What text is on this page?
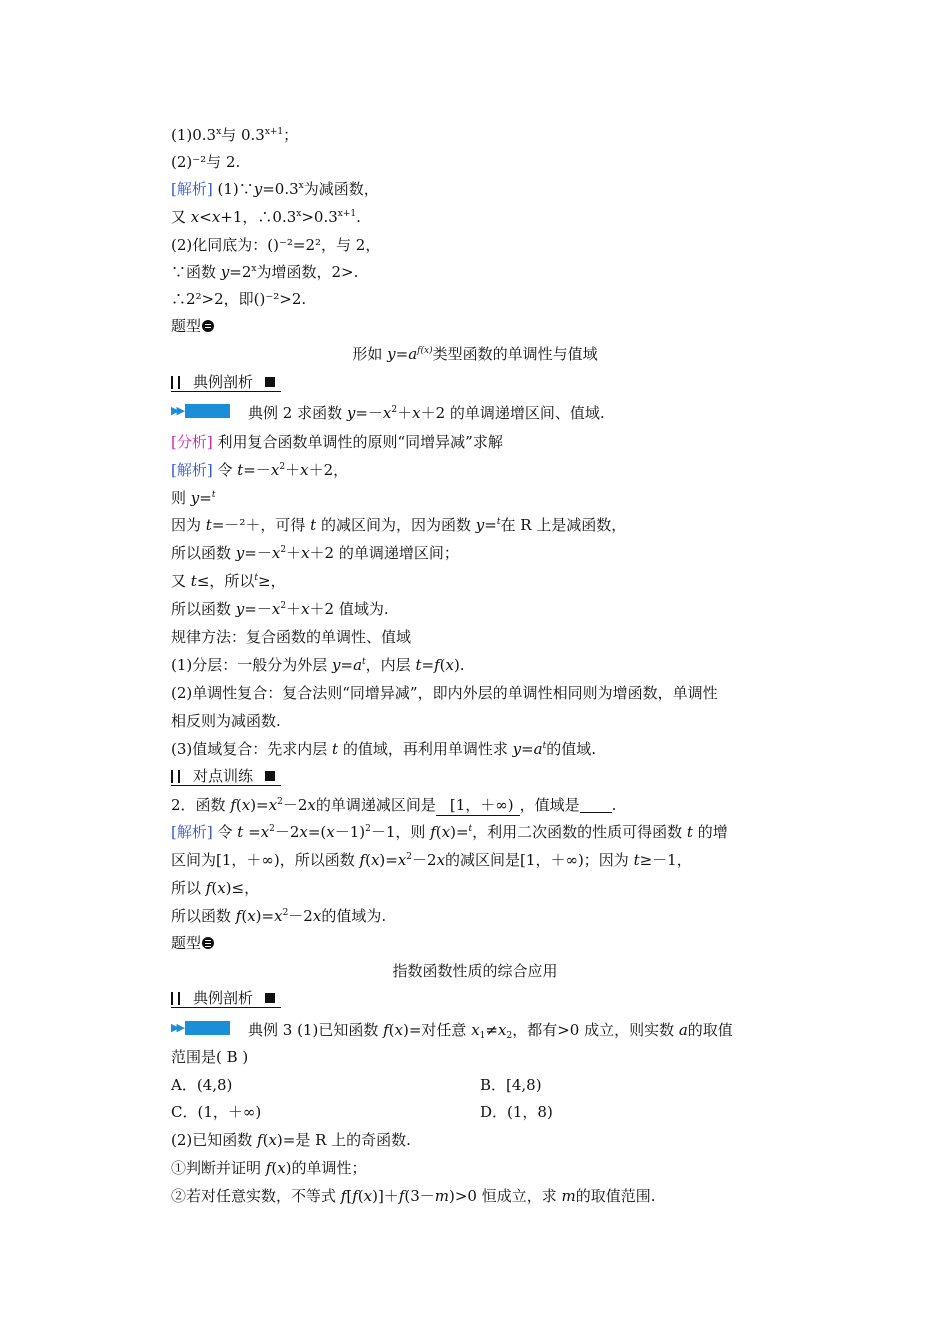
(1)0.3$^x$与 $0.3^{x+1}$；
(2)⁻²与 2.
[解析] $(1)\because y=0.3^x$为减函数，
又 x<x+1，$\therefore 0.3^x>0.3^{x+1}$.
(2)化同底为：()⁻²=2²，与 2，
∵函数 $y=2^x$为增函数，2>.
∴2²>2，即()⁻²>2.
题型
形如 $y=a^{f(x)}$类型函数的单调性与值域
典例剖析
▶▶	典例 2 求函数 $y=-x^2+x+2$ 的单调递增区间、值域.
[分析] 利用复合函数单调性的原则“同增异减”求解
[解析] 令 $t=-x^2+x+2$，
则 y=$^t$
因为 t=－²＋，可得 t 的减区间为，因为函数 y=$^t$在 R 上是减函数，
所以函数 $y=-x^2+x+2$ 的单调递增区间；
又 t≤，所以$^t$≥，
所以函数 $y=-x^2+x+2$ 值域为.
规律方法：复合函数的单调性、值域
(1)分层：一般分为外层 $y=a^t$，内层 t=f(x).
(2)单调性复合：复合法则“同增异减”，即内外层的单调性相同则为增函数，单调性
相反则为减函数.
(3)值域复合：先求内层 t 的值域，再利用单调性求 $y=a^t$的值域.
对点训练
2．函数 $f(x)=x^2-2x$的单调递减区间是 [1，＋∞) ，值域是 .
[解析] 令 $t =x^2-2x=(x-1)^2-1$，则 f(x)=$^t$，利用二次函数的性质可得函数 t 的增
区间为[1，＋∞)，所以函数 $f(x)=x^2-2x$的减区间是[1，＋∞)；因为 t≥－1，
所以 f(x)≤，
所以函数 $f(x)=x^2-2x$的值域为.
题型
指数函数性质的综合应用
典例剖析
▶▶	典例 3 (1)已知函数 f(x)=对任意 $x_1\ne x_2$，都有>0 成立，则实数 a的取值
范围是( B )
A．(4,8)	B．[4,8)
C．(1，＋∞)	D．(1，8)
(2)已知函数 f(x)=是 R 上的奇函数.
①判断并证明 f(x)的单调性；
②若对任意实数，不等式 f[f(x)]＋f(3－m)>0 恒成立，求 m的取值范围.
